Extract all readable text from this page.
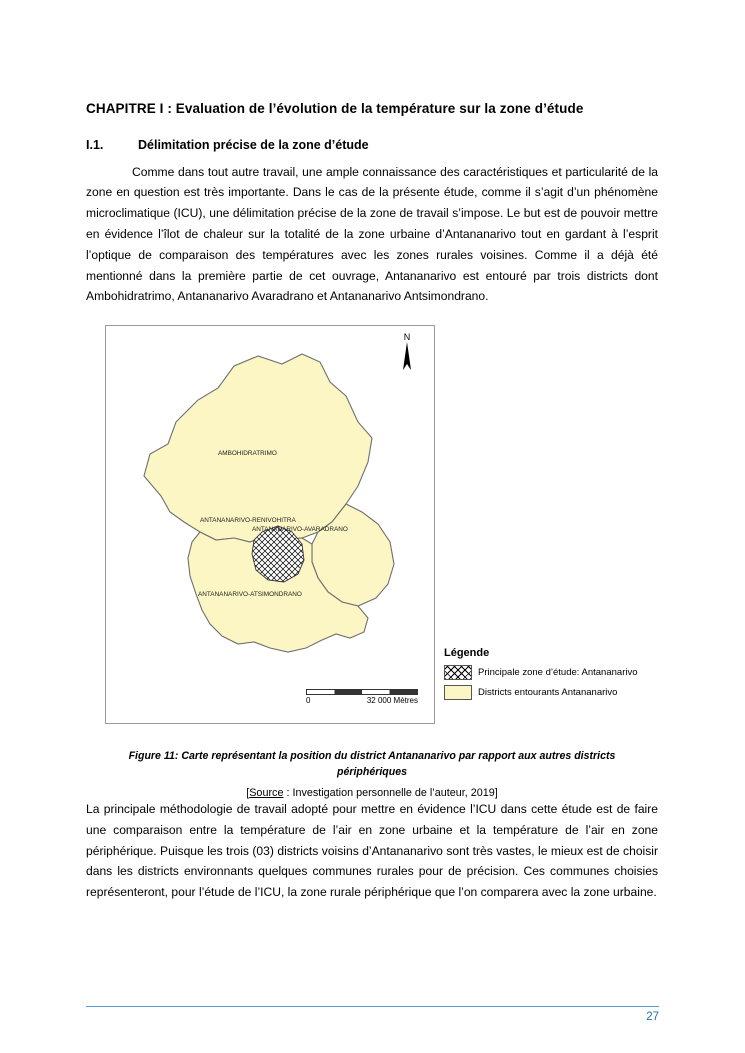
CHAPITRE I : Evaluation de l’évolution de la température sur la zone d’étude
I.1.	Délimitation précise de la zone d’étude

Comme dans tout autre travail, une ample connaissance des caractéristiques et particularité de la zone en question est très importante. Dans le cas de la présente étude, comme il s’agit d’un phénomène microclimatique (ICU), une délimitation précise de la zone de travail s’impose. Le but est de pouvoir mettre en évidence l’îlot de chaleur sur la totalité de la zone urbaine d’Antananarivo tout en gardant à l’esprit l’optique de comparaison des températures avec les zones rurales voisines. Comme il a déjà été mentionné dans la première partie de cet ouvrage, Antananarivo est entouré par trois districts dont Ambohidratrimo, Antananarivo Avaradrano et Antananarivo Antsimondrano.

AMBOHIDRATRIMO
ANTANANARIVO-RENIVOHITRA
ANTANANARIVO-AVARADRANO
ANTANANARIVO-ATSIMONDRANO
N
0	32 000 Mètres
Légende
Principale zone d’étude: Antananarivo
Districts entourants Antananarivo
Figure 11: Carte représentant la position du district Antananarivo par rapport aux autres districts périphériques
[Source : Investigation personnelle de l’auteur, 2019]

La principale méthodologie de travail adopté pour mettre en évidence l’ICU dans cette étude est de faire une comparaison entre la température de l’air en zone urbaine et la température de l’air en zone périphérique. Puisque les trois (03) districts voisins d’Antananarivo sont très vastes, le mieux est de choisir dans les districts environnants quelques communes rurales pour de précision. Ces communes choisies représenteront, pour l’étude de l’ICU, la zone rurale périphérique que l’on comparera avec la zone urbaine.

27
